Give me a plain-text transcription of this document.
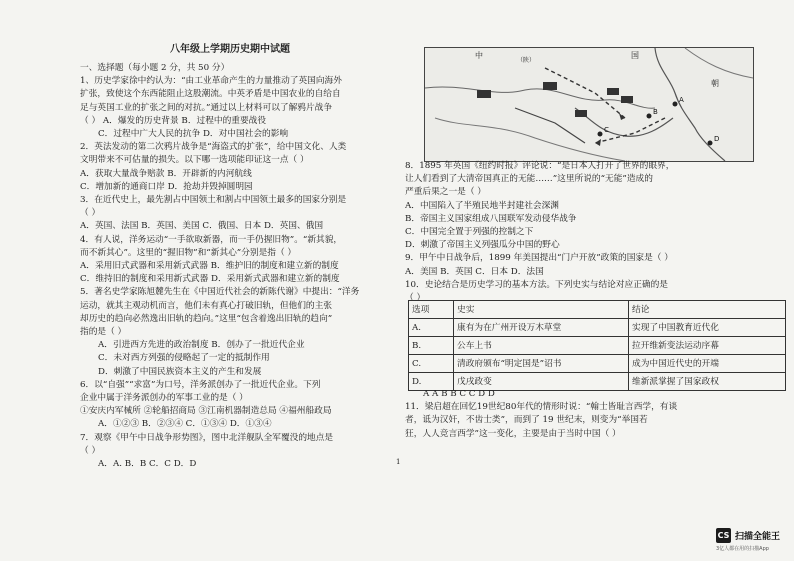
八年级上学期历史期中试题
一、选择题（每小题 2 分，共 50 分）
1、历史学家徐中约认为：“由工业革命产生的力量推动了英国向海外
扩张，致使这个东西能阻止这股潮流。中英矛盾是中国农业的自给自
足与英国工业的扩张之间的对抗。”通过以上材料可以了解鸦片战争
（ ） A．爆发的历史背景 B．过程中的重要战役
C．过程中广大人民的抗争 D．对中国社会的影响
2．英法发动的第二次鸦片战争是“海盗式的扩张”，给中国文化、人类
文明带来不可估量的损失。以下哪一选项能印证这一点（ ）
A．获取大量战争赔款 B．开辟新的内河航线
C．增加新的通商口岸 D．抢劫并毁掉圆明园
3．在近代史上，最先割占中国领土和割占中国领土最多的国家分别是
（ ）
A．英国、法国 B．英国、美国 C．俄国、日本 D．英国、俄国
4．有人说，洋务运动“一手欲取新器，而一手仍握旧物”。“新其貌，
而不新其心”。这里的“握旧物”和“新其心”分别是指（ ）
A．采用旧式武器和采用新式武器 B．维护旧的制度和建立新的制度
C．维持旧的制度和采用新式武器 D．采用新式武器和建立新的制度
5．著名史学家陈旭麓先生在《中国近代社会的新陈代谢》中提出：“洋务
运动，就其主观动机而言，他们未有真心打破旧轨，但他们的主张
却历史的趋向必然逸出旧轨的趋向。”这里“包含着逸出旧轨的趋向”
指的是（ ）
A．引进西方先进的政治制度 B．创办了一批近代企业
C．未对西方列强的侵略起了一定的抵制作用
D．刺激了中国民族资本主义的产生和发展
6．以“自强”“求富”为口号，洋务派创办了一批近代企业。下列
企业中属于洋务派创办的军事工业的是（ ）
①安庆内军械所 ②轮船招商局 ③江南机器制造总局 ④福州船政局
A．①②③ B．②③④ C．①③④ D．①③④
7．观察《甲午中日战争形势图》，图中北洋舰队全军覆没的地点是
（ ）
A．A. B．B C．C D．D
中	国
朝
（陕）
A
B
C
D
8．1895 年英国《纽约时报》评论说：“是日本人打开了世界的眼界，
让人们看到了大清帝国真正的无能……”这里所说的“无能”造成的
严重后果之一是（ ）
A．中国陷入了半殖民地半封建社会深渊
B．帝国主义国家组成八国联军发动侵华战争
C．中国完全置于列强的控制之下
D．刺激了帝国主义列强瓜分中国的野心
9．甲午中日战争后，1899 年美国提出“门户开放”政策的国家是（ ）
A．美国 B．英国 C．日本 D．法国
10．史论结合是历史学习的基本方法。下列史实与结论对应正确的是
（ ）
选项	史实	结论
A.	康有为在广州开设万木草堂	实现了中国教育近代化
B.	公车上书	拉开维新变法运动序幕
C.	清政府颁布“明定国是”诏书	成为中国近代史的开端
D.	戊戌政变	维新派掌握了国家政权
A A B B C C D D
11．梁启超在回忆19世纪80年代的情形时说：“翰士皆耻言西学，有谈
者，诋为汉奸，不齿士类”，而到了 19 世纪末，则变为“举国若
狂，人人竞言西学”这一变化，主要是由于当时中国（ ）
1
CS 扫描全能王
3亿人都在用的扫描App
